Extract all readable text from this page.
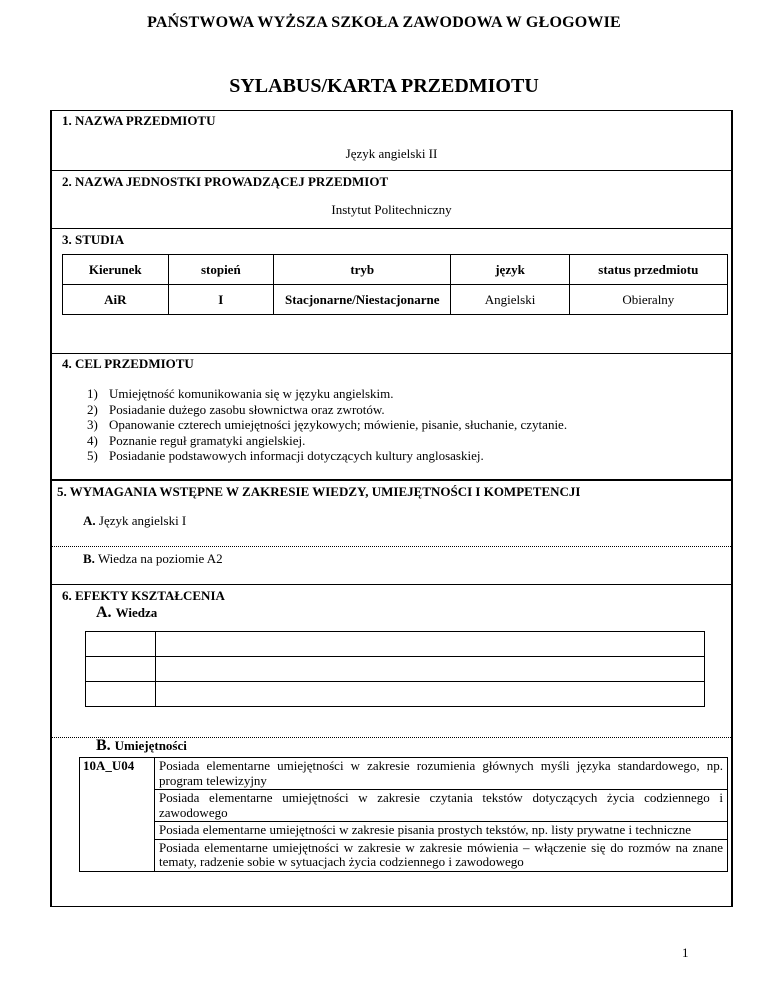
PAŃSTWOWA WYŻSZA SZKOŁA ZAWODOWA W GŁOGOWIE
SYLABUS/KARTA PRZEDMIOTU
1. NAZWA PRZEDMIOTU
Język angielski II
2. NAZWA JEDNOSTKI PROWADZĄCEJ PRZEDMIOT
Instytut Politechniczny
3. STUDIA
Kierunek	stopień	tryb	język	status przedmiotu
AiR	I	Stacjonarne/Niestacjonarne	Angielski	Obieralny
4. CEL PRZEDMIOTU
1) Umiejętność komunikowania się w języku angielskim.
2) Posiadanie dużego zasobu słownictwa oraz zwrotów.
3) Opanowanie czterech umiejętności językowych; mówienie, pisanie, słuchanie, czytanie.
4) Poznanie reguł gramatyki angielskiej.
5) Posiadanie podstawowych informacji dotyczących kultury anglosaskiej.
5. WYMAGANIA WSTĘPNE W ZAKRESIE WIEDZY, UMIEJĘTNOŚCI I KOMPETENCJI
A. Język angielski I
B. Wiedza na poziomie A2
6. EFEKTY KSZTAŁCENIA
A. Wiedza

B. Umiejętności
10A_U04	Posiada elementarne umiejętności w zakresie rozumienia głównych myśli języka standardowego, np. program telewizyjny
Posiada elementarne umiejętności w zakresie czytania tekstów dotyczących życia codziennego i zawodowego
Posiada elementarne umiejętności w zakresie pisania prostych tekstów, np. listy prywatne i techniczne
Posiada elementarne umiejętności w zakresie w zakresie mówienia – włączenie się do rozmów na znane tematy, radzenie sobie w sytuacjach życia codziennego i zawodowego
1
